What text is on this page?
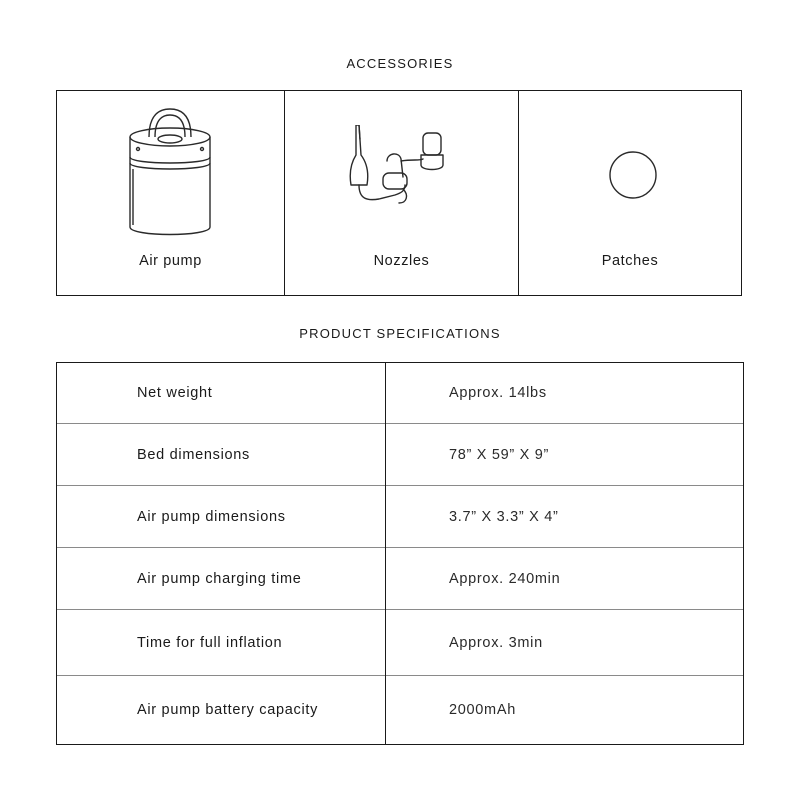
ACCESSORIES
Air pump	Nozzles	Patches
PRODUCT SPECIFICATIONS
Net weight	Approx. 14lbs
Bed dimensions	78” X 59” X 9”
Air pump dimensions	3.7” X 3.3” X 4”
Air pump charging time	Approx. 240min
Time for full inflation	Approx. 3min
Air pump battery capacity	2000mAh
